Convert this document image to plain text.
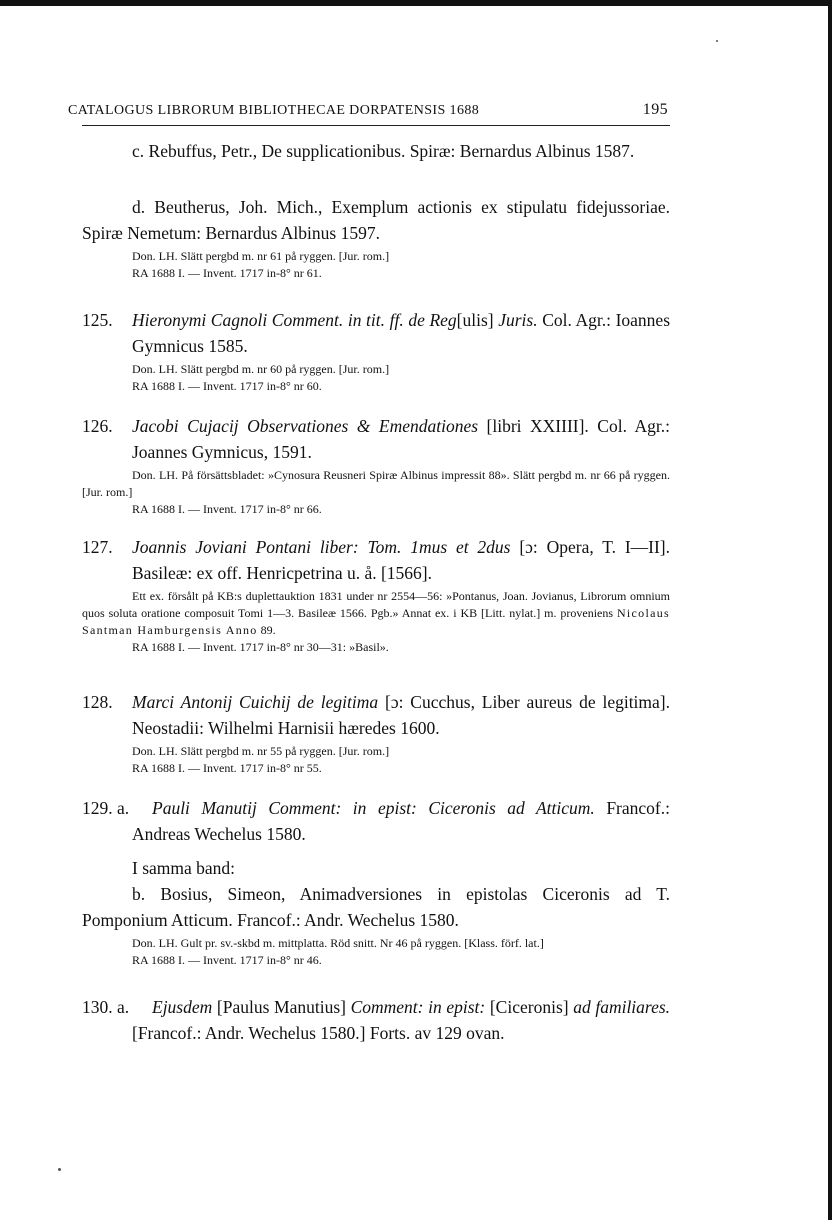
CATALOGUS LIBRORUM BIBLIOTHECAE DORPATENSIS 1688	195
c. Rebuffus, Petr., De supplicationibus. Spiræ: Bernardus Albinus 1587.
d. Beutherus, Joh. Mich., Exemplum actionis ex stipulatu fidejussoriae. Spiræ Nemetum: Bernardus Albinus 1597.
Don. LH. Slätt pergbd m. nr 61 på ryggen. [Jur. rom.]
RA 1688 I. — Invent. 1717 in-8° nr 61.
125. Hieronymi Cagnoli Comment. in tit. ff. de Reg[ulis] Juris. Col. Agr.: Ioannes Gymnicus 1585.
Don. LH. Slätt pergbd m. nr 60 på ryggen. [Jur. rom.]
RA 1688 I. — Invent. 1717 in-8° nr 60.
126. Jacobi Cujacij Observationes & Emendationes [libri XXIIII]. Col. Agr.: Joannes Gymnicus, 1591.
Don. LH. På försättsbladet: »Cynosura Reusneri Spiræ Albinus impressit 88». Slätt pergbd m. nr 66 på ryggen. [Jur. rom.]
RA 1688 I. — Invent. 1717 in-8° nr 66.
127. Joannis Joviani Pontani liber: Tom. 1mus et 2dus [ɔ: Opera, T. I—II]. Basileæ: ex off. Henricpetrina u. å. [1566].
Ett ex. försålt på KB:s duplettauktion 1831 under nr 2554—56: »Pontanus, Joan. Jovianus, Librorum omnium quos soluta oratione composuit Tomi 1—3. Basileæ 1566. Pgb.» Annat ex. i KB [Litt. nylat.] m. proveniens Nicolaus Santman Hamburgensis Anno 89.
RA 1688 I. — Invent. 1717 in-8° nr 30—31: »Basil».
128. Marci Antonij Cuichij de legitima [ɔ: Cucchus, Liber aureus de legitima]. Neostadii: Wilhelmi Harnisii hæredes 1600.
Don. LH. Slätt pergbd m. nr 55 på ryggen. [Jur. rom.]
RA 1688 I. — Invent. 1717 in-8° nr 55.
129. a. Pauli Manutij Comment: in epist: Ciceronis ad Atticum. Francof.: Andreas Wechelus 1580.
I samma band:
b. Bosius, Simeon, Animadversiones in epistolas Ciceronis ad T. Pomponium Atticum. Francof.: Andr. Wechelus 1580.
Don. LH. Gult pr. sv.-skbd m. mittplatta. Röd snitt. Nr 46 på ryggen. [Klass. förf. lat.]
RA 1688 I. — Invent. 1717 in-8° nr 46.
130. a. Ejusdem [Paulus Manutius] Comment: in epist: [Ciceronis] ad familiares. [Francof.: Andr. Wechelus 1580.] Forts. av 129 ovan.
